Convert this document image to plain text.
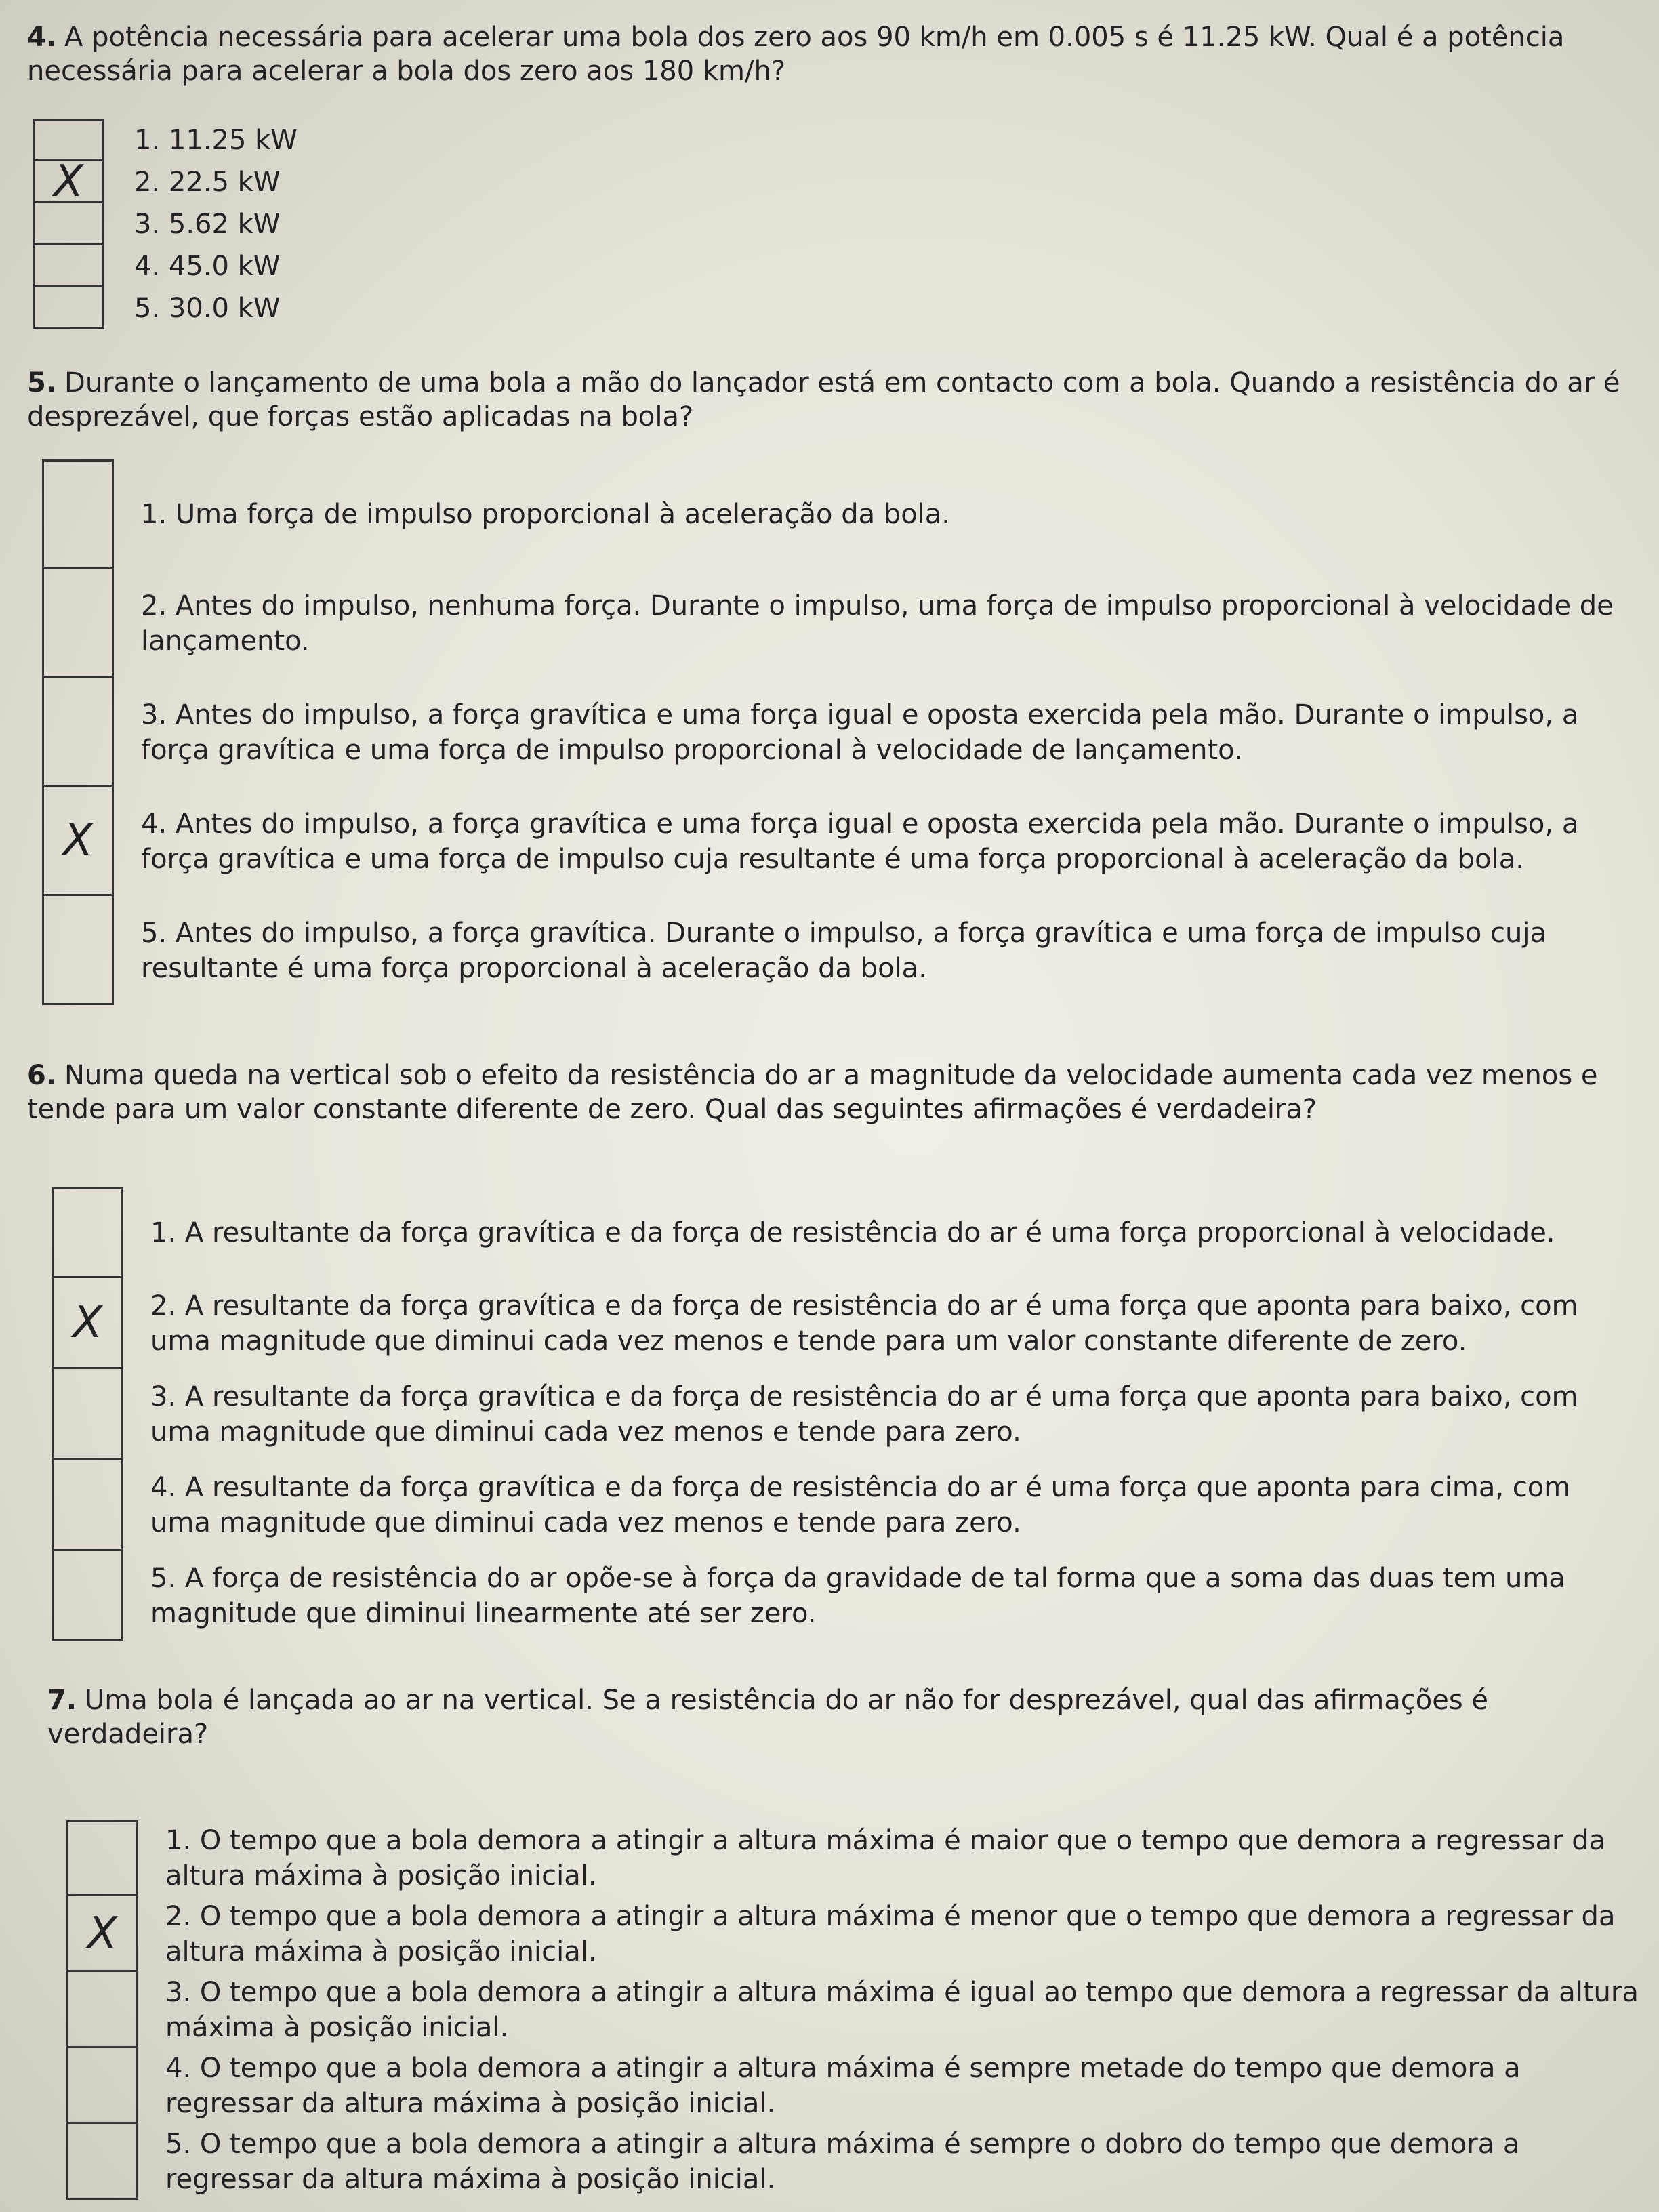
4. A potência necessária para acelerar uma bola dos zero aos 90 km/h em 0.005 s é 11.25 kW. Qual é a potência necessária para acelerar a bola dos zero aos 180 km/h?

1. 11.25 kW
X	2. 22.5 kW
3. 5.62 kW
4. 45.0 kW
5. 30.0 kW

5. Durante o lançamento de uma bola a mão do lançador está em contacto com a bola. Quando a resistência do ar é desprezável, que forças estão aplicadas na bola?

1. Uma força de impulso proporcional à aceleração da bola.
2. Antes do impulso, nenhuma força. Durante o impulso, uma força de impulso proporcional à velocidade de lançamento.
3. Antes do impulso, a força gravítica e uma força igual e oposta exercida pela mão. Durante o impulso, a força gravítica e uma força de impulso proporcional à velocidade de lançamento.
X	4. Antes do impulso, a força gravítica e uma força igual e oposta exercida pela mão. Durante o impulso, a força gravítica e uma força de impulso cuja resultante é uma força proporcional à aceleração da bola.
5. Antes do impulso, a força gravítica. Durante o impulso, a força gravítica e uma força de impulso cuja resultante é uma força proporcional à aceleração da bola.

6. Numa queda na vertical sob o efeito da resistência do ar a magnitude da velocidade aumenta cada vez menos e tende para um valor constante diferente de zero. Qual das seguintes afirmações é verdadeira?

1. A resultante da força gravítica e da força de resistência do ar é uma força proporcional à velocidade.
X	2. A resultante da força gravítica e da força de resistência do ar é uma força que aponta para baixo, com uma magnitude que diminui cada vez menos e tende para um valor constante diferente de zero.
3. A resultante da força gravítica e da força de resistência do ar é uma força que aponta para baixo, com uma magnitude que diminui cada vez menos e tende para zero.
4. A resultante da força gravítica e da força de resistência do ar é uma força que aponta para cima, com uma magnitude que diminui cada vez menos e tende para zero.
5. A força de resistência do ar opõe-se à força da gravidade de tal forma que a soma das duas tem uma magnitude que diminui linearmente até ser zero.

7. Uma bola é lançada ao ar na vertical. Se a resistência do ar não for desprezável, qual das afirmações é verdadeira?

1. O tempo que a bola demora a atingir a altura máxima é maior que o tempo que demora a regressar da altura máxima à posição inicial.
X	2. O tempo que a bola demora a atingir a altura máxima é menor que o tempo que demora a regressar da altura máxima à posição inicial.
3. O tempo que a bola demora a atingir a altura máxima é igual ao tempo que demora a regressar da altura máxima à posição inicial.
4. O tempo que a bola demora a atingir a altura máxima é sempre metade do tempo que demora a regressar da altura máxima à posição inicial.
5. O tempo que a bola demora a atingir a altura máxima é sempre o dobro do tempo que demora a regressar da altura máxima à posição inicial.
